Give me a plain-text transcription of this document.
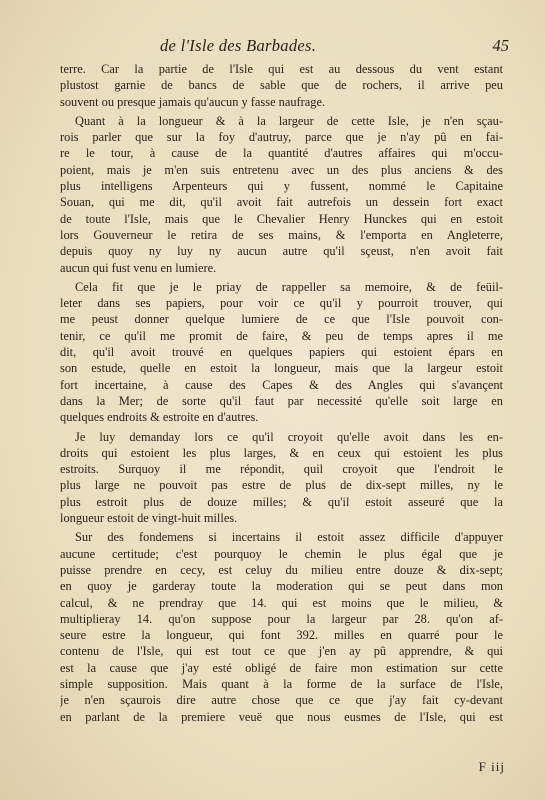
de l'Isle des Barbades.	45
terre. Car la partie de l'Isle qui est au dessous du vent estant
plustost garnie de bancs de sable que de rochers, il arrive peu
souvent ou presque jamais qu'aucun y fasse naufrage.
Quant à la longueur & à la largeur de cette Isle, je n'en sçau-
rois parler que sur la foy d'autruy, parce que je n'ay pû en fai-
re le tour, à cause de la quantité d'autres affaires qui m'occu-
poient, mais je m'en suis entretenu avec un des plus anciens & des
plus intelligens Arpenteurs qui y fussent, nommé le Capitaine
Souan, qui me dit, qu'il avoit fait autrefois un dessein fort exact
de toute l'Isle, mais que le Chevalier Henry Hunckes qui en estoit
lors Gouverneur le retira de ses mains, & l'emporta en Angleterre,
depuis quoy ny luy ny aucun autre qu'il sçeust, n'en avoit fait
aucun qui fust venu en lumiere.
Cela fit que je le priay de rappeller sa memoire, & de feüil-
leter dans ses papiers, pour voir ce qu'il y pourroit trouver, qui
me peust donner quelque lumiere de ce que l'Isle pouvoit con-
tenir, ce qu'il me promit de faire, & peu de temps apres il me
dit, qu'il avoit trouvé en quelques papiers qui estoient épars en
son estude, quelle en estoit la longueur, mais que la largeur estoit
fort incertaine, à cause des Capes & des Angles qui s'avançent
dans la Mer; de sorte qu'il faut par necessité qu'elle soit large en
quelques endroits & estroite en d'autres.
Je luy demanday lors ce qu'il croyoit qu'elle avoit dans les en-
droits qui estoient les plus larges, & en ceux qui estoient les plus
estroits. Surquoy il me répondit, quil croyoit que l'endroit le
plus large ne pouvoit pas estre de plus de dix-sept milles, ny le
plus estroit plus de douze milles; & qu'il estoit asseuré que la
longueur estoit de vingt-huit milles.
Sur des fondemens si incertains il estoit assez difficile d'appuyer
aucune certitude; c'est pourquoy le chemin le plus égal que je
puisse prendre en cecy, est celuy du milieu entre douze & dix-sept;
en quoy je garderay toute la moderation qui se peut dans mon
calcul, & ne prendray que 14. qui est moins que le milieu, &
multiplieray 14. qu'on suppose pour la largeur par 28. qu'on af-
seure estre la longueur, qui font 392. milles en quarré pour le
contenu de l'Isle, qui est tout ce que j'en ay pû apprendre, & qui
est la cause que j'ay esté obligé de faire mon estimation sur cette
simple supposition. Mais quant à la forme de la surface de l'Isle,
je n'en sçaurois dire autre chose que ce que j'ay fait cy-devant
en parlant de la premiere veuë que nous eusmes de l'Isle, qui est
F iij
